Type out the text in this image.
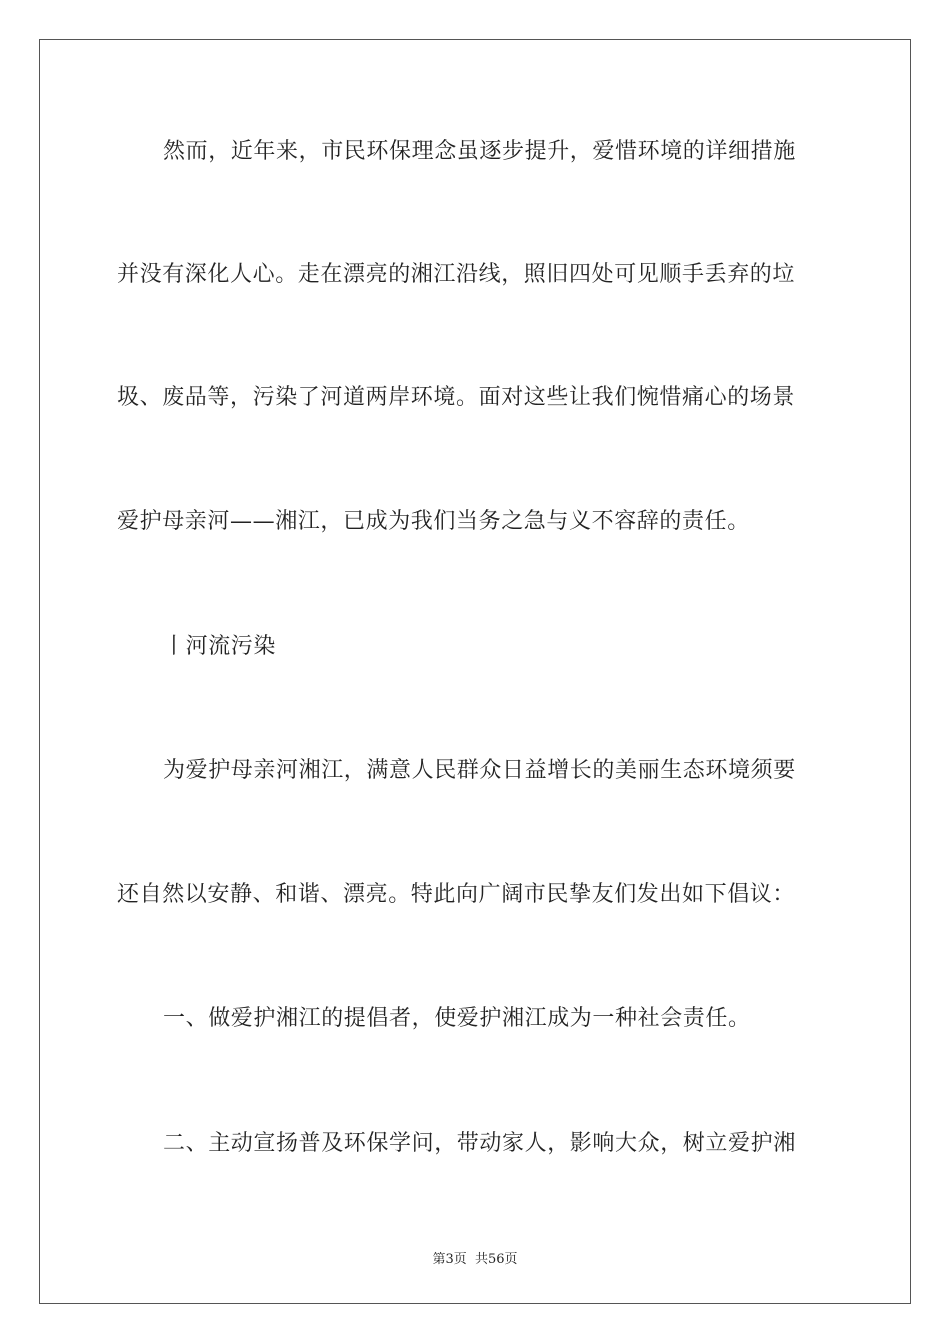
然而，近年来，市民环保理念虽逐步提升，爱惜环境的详细措施
并没有深化人心。走在漂亮的湘江沿线，照旧四处可见顺手丢弃的垃
圾、废品等，污染了河道两岸环境。面对这些让我们惋惜痛心的场景
爱护母亲河——湘江，已成为我们当务之急与义不容辞的责任。
丨河流污染
为爱护母亲河湘江，满意人民群众日益增长的美丽生态环境须要
还自然以安静、和谐、漂亮。特此向广阔市民挚友们发出如下倡议：
一、做爱护湘江的提倡者，使爱护湘江成为一种社会责任。
二、主动宣扬普及环保学问，带动家人，影响大众，树立爱护湘
第3页 共56页
